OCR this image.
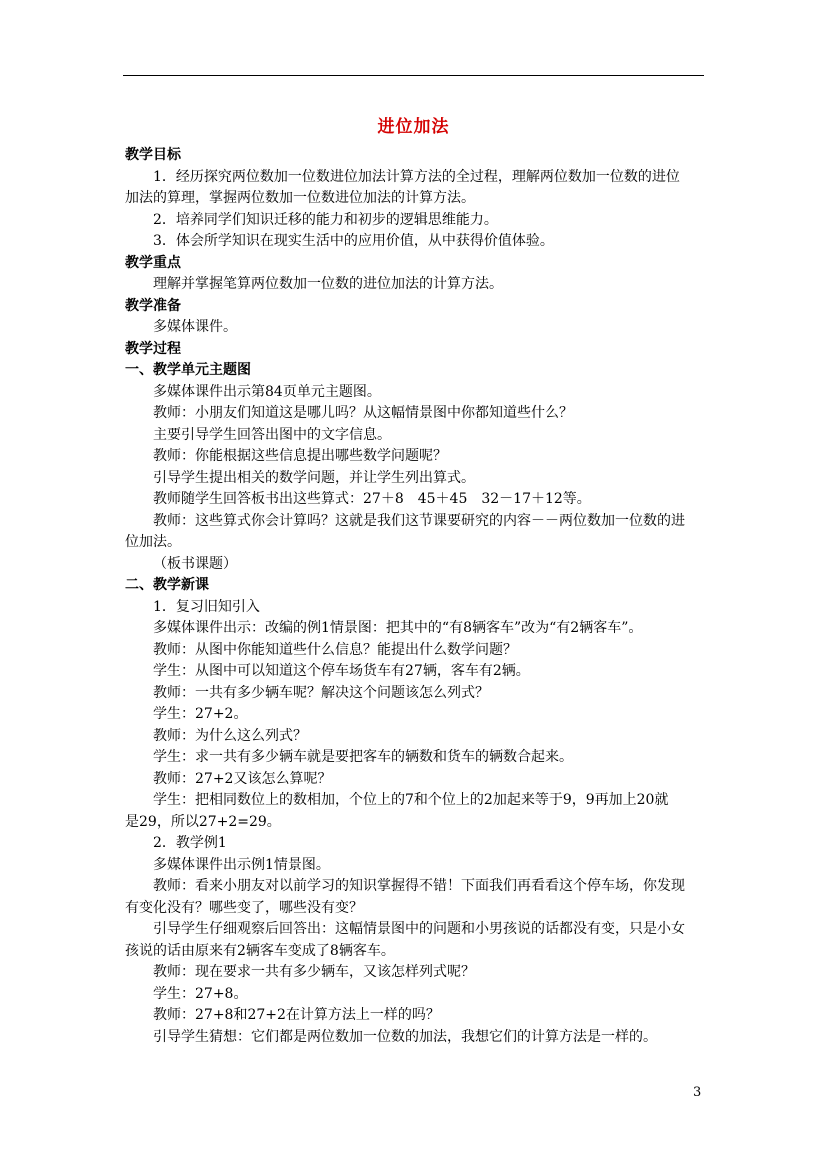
进位加法
教学目标
1．经历探究两位数加一位数进位加法计算方法的全过程，理解两位数加一位数的进位
加法的算理，掌握两位数加一位数进位加法的计算方法。
2．培养同学们知识迁移的能力和初步的逻辑思维能力。
3．体会所学知识在现实生活中的应用价值，从中获得价值体验。
教学重点
理解并掌握笔算两位数加一位数的进位加法的计算方法。
教学准备
多媒体课件。
教学过程
一、教学单元主题图
多媒体课件出示第84页单元主题图。
教师：小朋友们知道这是哪儿吗？从这幅情景图中你都知道些什么？
主要引导学生回答出图中的文字信息。
教师：你能根据这些信息提出哪些数学问题呢？
引导学生提出相关的数学问题，并让学生列出算式。
教师随学生回答板书出这些算式：27＋8　45＋45　32－17＋12等。
教师：这些算式你会计算吗？这就是我们这节课要研究的内容－－两位数加一位数的进
位加法。
（板书课题）
二、教学新课
1．复习旧知引入
多媒体课件出示：改编的例1情景图：把其中的“有8辆客车”改为“有2辆客车”。
教师：从图中你能知道些什么信息？能提出什么数学问题？
学生：从图中可以知道这个停车场货车有27辆，客车有2辆。
教师：一共有多少辆车呢？解决这个问题该怎么列式？
学生：27+2。
教师：为什么这么列式？
学生：求一共有多少辆车就是要把客车的辆数和货车的辆数合起来。
教师：27+2又该怎么算呢？
学生：把相同数位上的数相加，个位上的7和个位上的2加起来等于9，9再加上20就
是29，所以27+2=29。
2．教学例1
多媒体课件出示例1情景图。
教师：看来小朋友对以前学习的知识掌握得不错！下面我们再看看这个停车场，你发现
有变化没有？哪些变了，哪些没有变？
引导学生仔细观察后回答出：这幅情景图中的问题和小男孩说的话都没有变，只是小女
孩说的话由原来有2辆客车变成了8辆客车。
教师：现在要求一共有多少辆车，又该怎样列式呢？
学生：27+8。
教师：27+8和27+2在计算方法上一样的吗？
引导学生猜想：它们都是两位数加一位数的加法，我想它们的计算方法是一样的。
3
